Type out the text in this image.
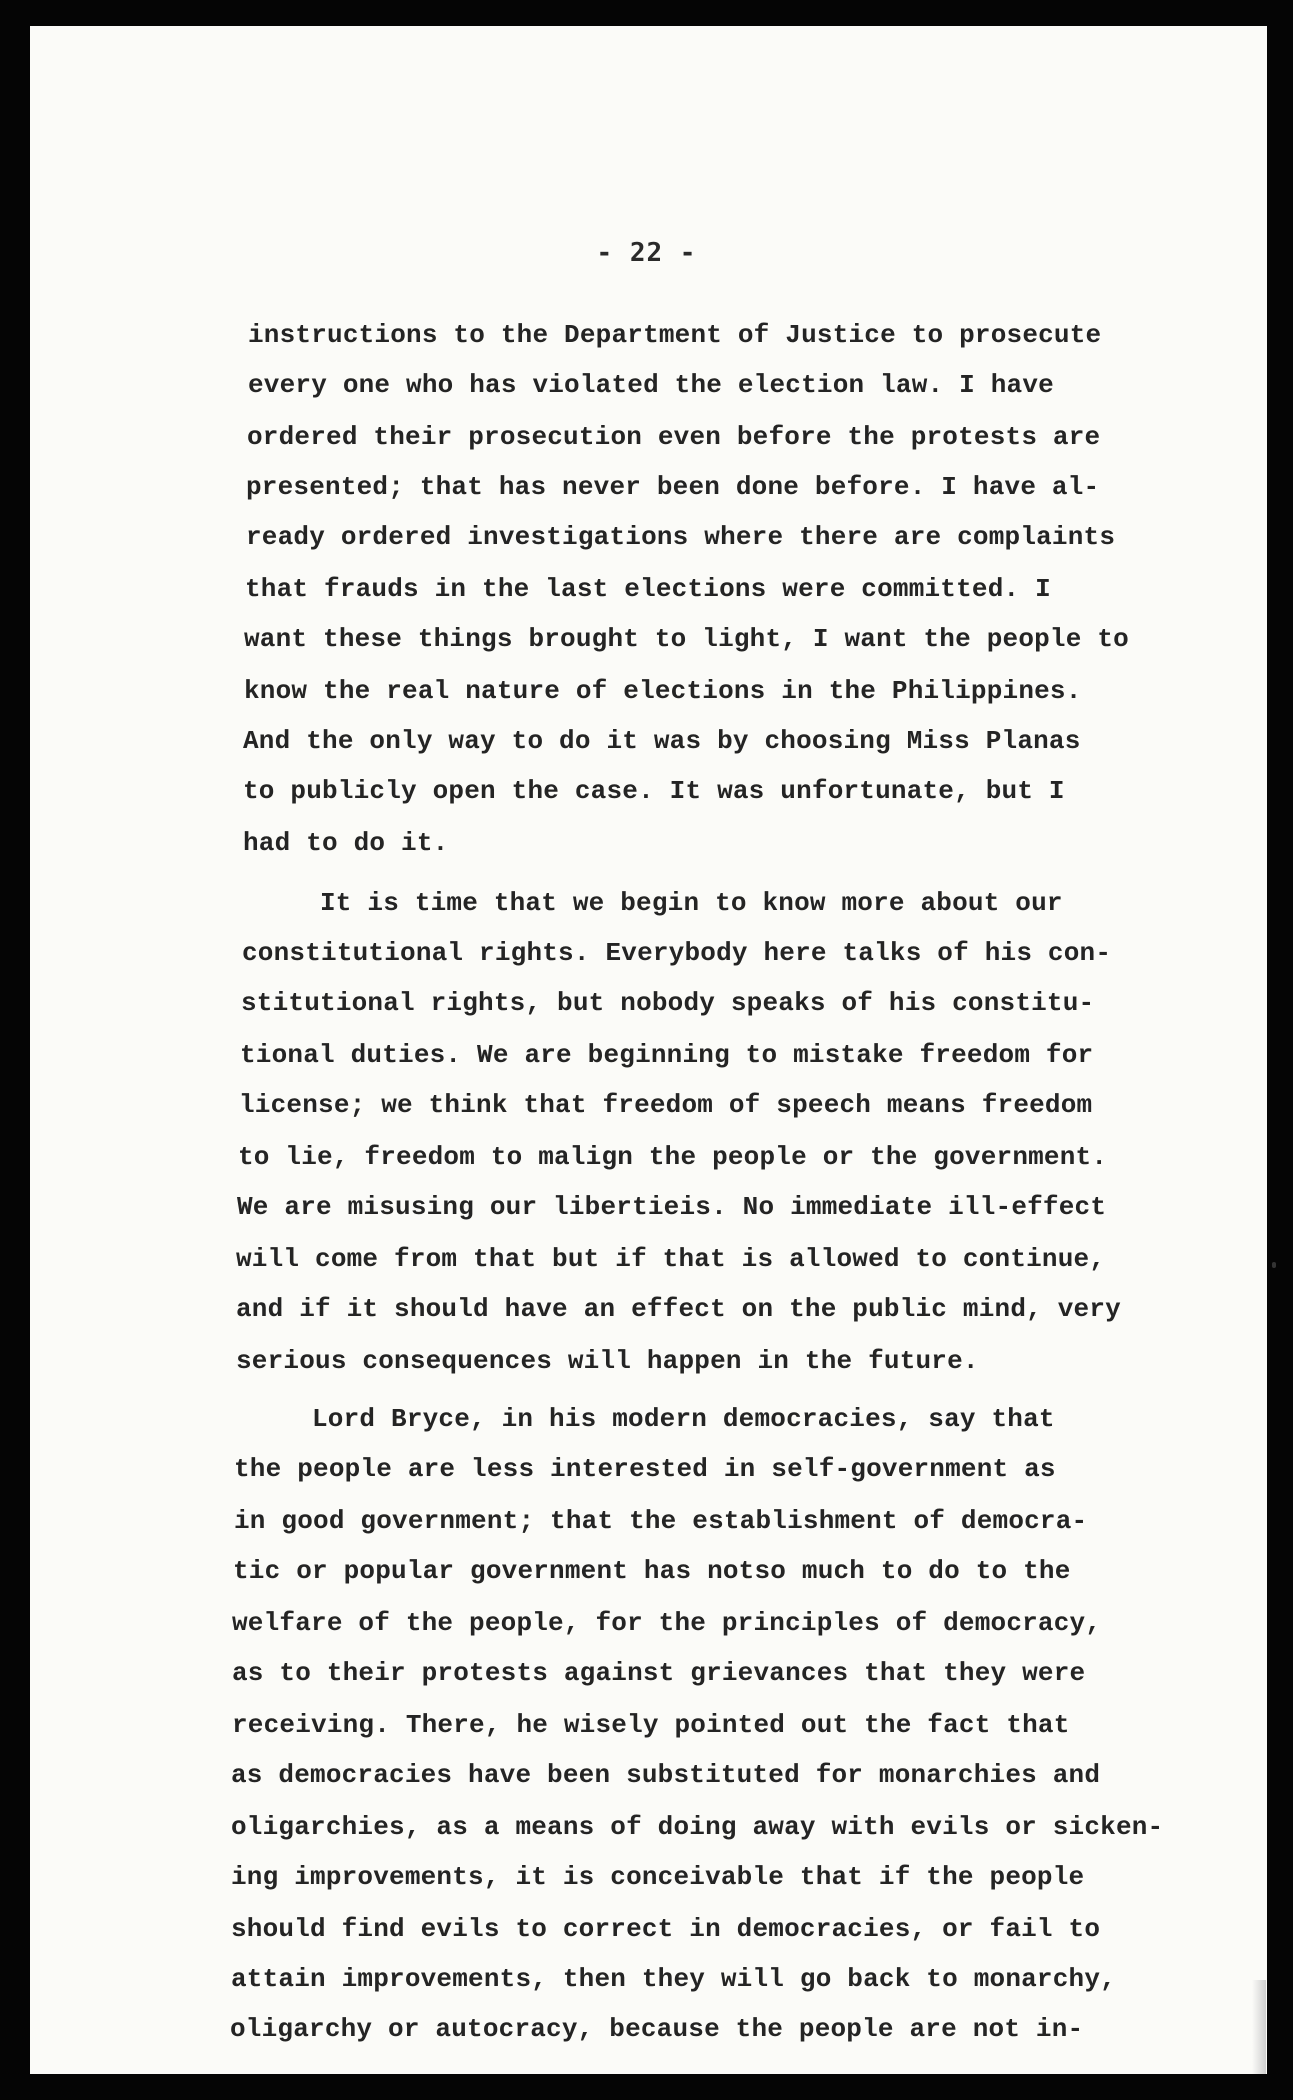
- 22 -
instructions to the Department of Justice to prosecute
every one who has violated the election law. I have
ordered their prosecution even before the protests are
presented; that has never been done before. I have al-
ready ordered investigations where there are complaints
that frauds in the last elections were committed. I
want these things brought to light, I want the people to
know the real nature of elections in the Philippines.
And the only way to do it was by choosing Miss Planas
to publicly open the case. It was unfortunate, but I
had to do it.
It is time that we begin to know more about our
constitutional rights. Everybody here talks of his con-
stitutional rights, but nobody speaks of his constitu-
tional duties. We are beginning to mistake freedom for
license; we think that freedom of speech means freedom
to lie, freedom to malign the people or the government.
We are misusing our libertieis. No immediate ill-effect
will come from that but if that is allowed to continue,
and if it should have an effect on the public mind, very
serious consequences will happen in the future.
Lord Bryce, in his modern democracies, say that
the people are less interested in self-government as
in good government; that the establishment of democra-
tic or popular government has notso much to do to the
welfare of the people, for the principles of democracy,
as to their protests against grievances that they were
receiving. There, he wisely pointed out the fact that
as democracies have been substituted for monarchies and
oligarchies, as a means of doing away with evils or sicken-
ing improvements, it is conceivable that if the people
should find evils to correct in democracies, or fail to
attain improvements, then they will go back to monarchy,
oligarchy or autocracy, because the people are not in-
